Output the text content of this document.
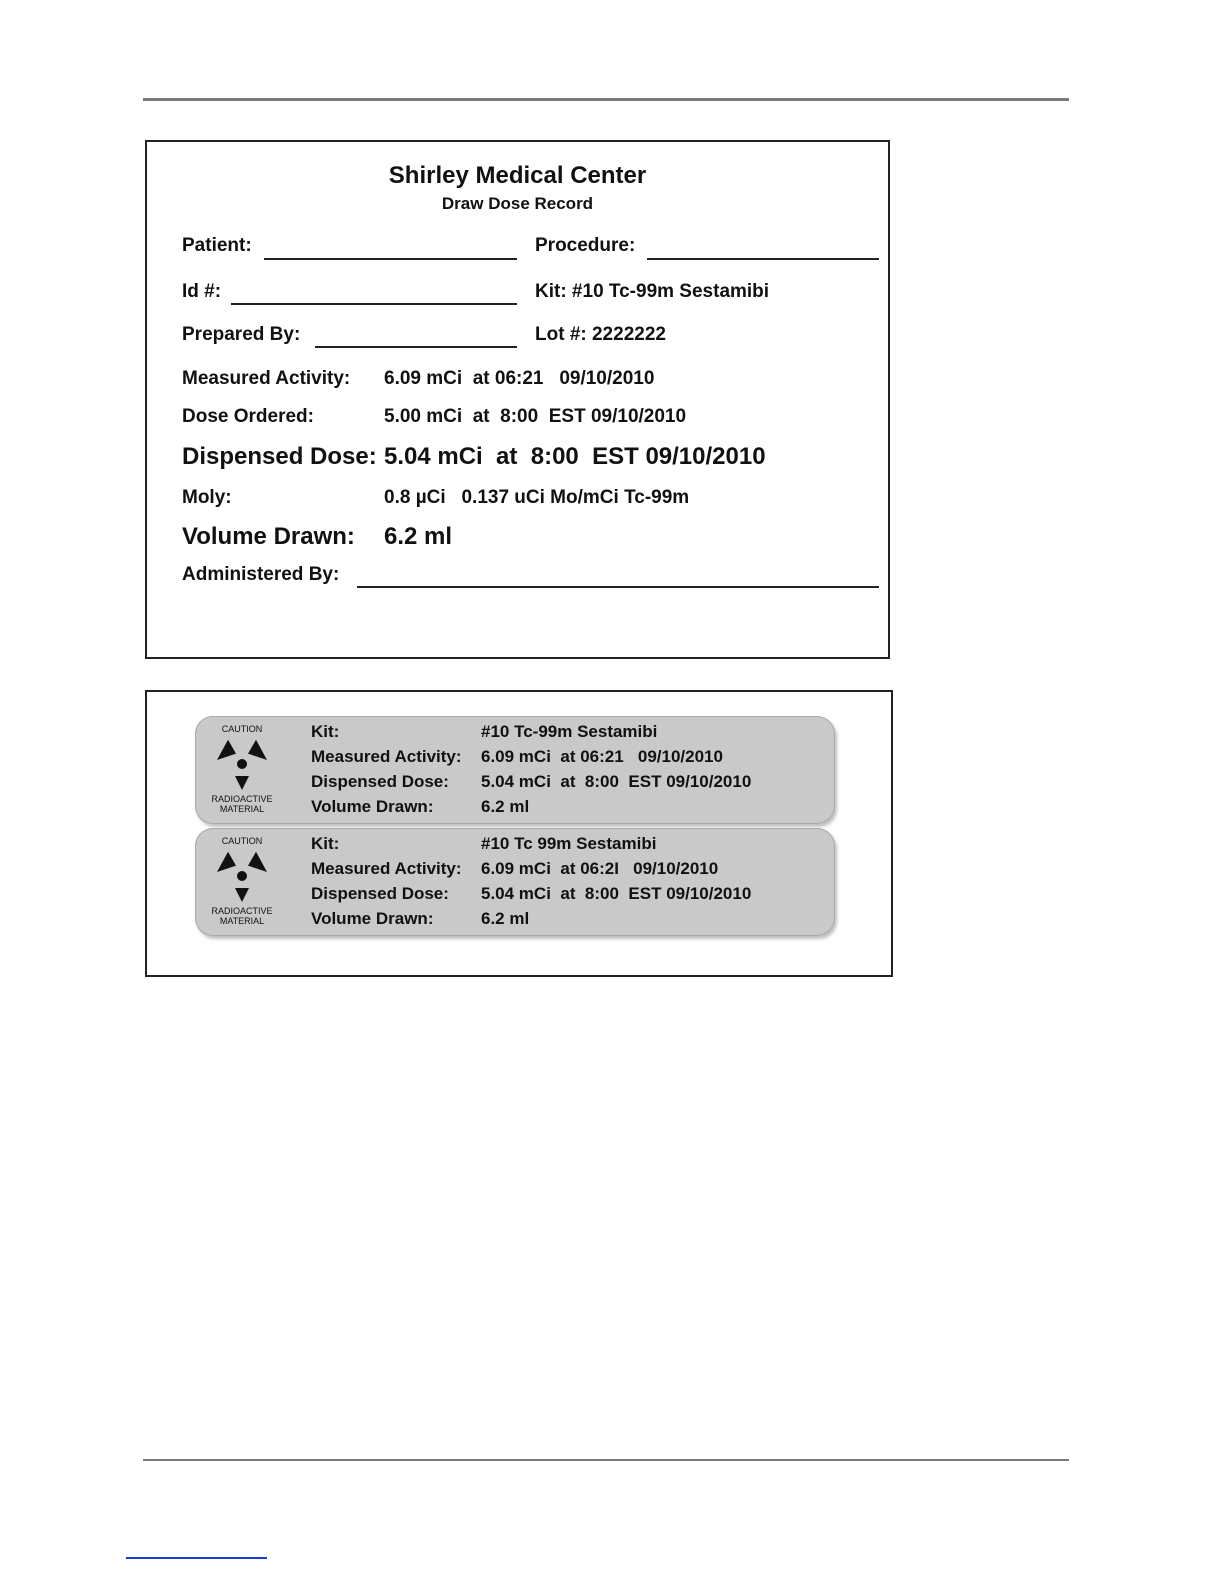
Shirley Medical Center
Draw Dose Record
Patient:	Procedure:
Id #:	Kit: #10 Tc-99m Sestamibi
Prepared By:	Lot #: 2222222
Measured Activity: 6.09 mCi  at 06:21   09/10/2010
Dose Ordered:	5.00 mCi  at  8:00  EST 09/10/2010
Dispensed Dose: 5.04 mCi  at  8:00  EST 09/10/2010
Moly:	0.8 µCi   0.137 uCi Mo/mCi Tc-99m
Volume Drawn: 6.2 ml
Administered By:
CAUTION
RADIOACTIVE
MATERIAL
Kit:	#10 Tc-99m Sestamibi
Measured Activity: 6.09 mCi  at 06:21   09/10/2010
Dispensed Dose: 5.04 mCi  at  8:00  EST 09/10/2010
Volume Drawn:	6.2 ml
CAUTION
RADIOACTIVE
MATERIAL
Kit:	#10 Tc 99m Sestamibi
Measured Activity: 6.09 mCi  at 06:2I   09/10/2010
Dispensed Dose: 5.04 mCi  at  8:00  EST 09/10/2010
Volume Drawn:	6.2 ml
